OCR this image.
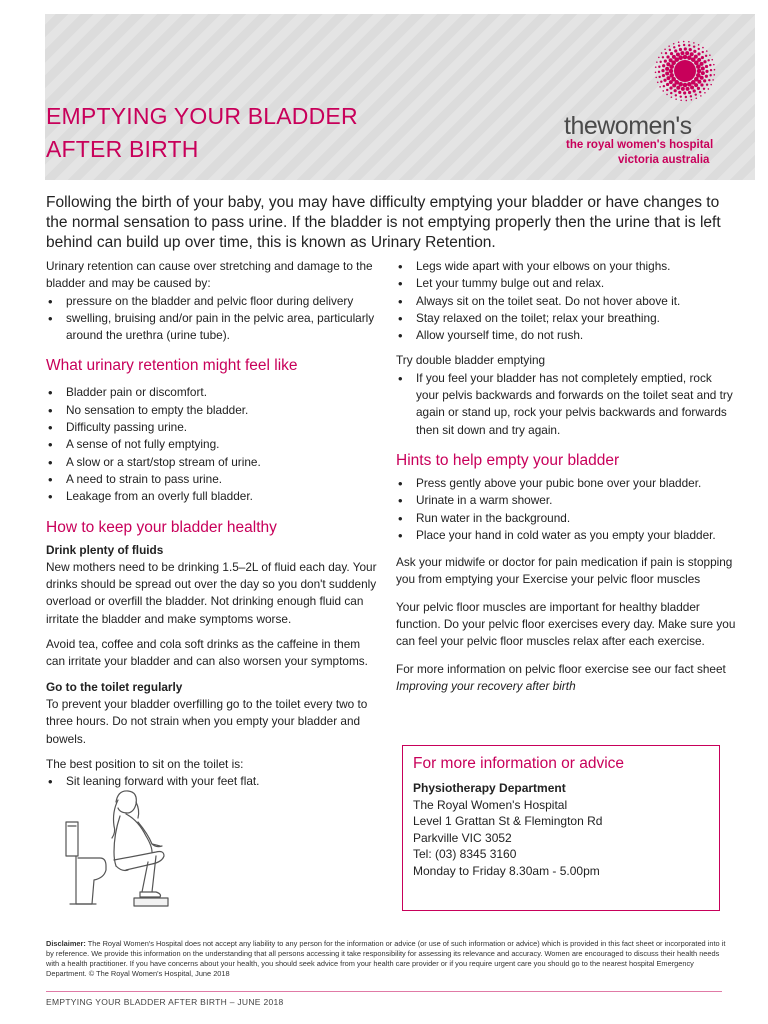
EMPTYING YOUR BLADDER
AFTER BIRTH
thewomen's
the royal women's hospital
victoria australia

Following the birth of your baby, you may have difficulty emptying your bladder or have changes to the normal sensation to pass urine. If the bladder is not emptying properly then the urine that is left behind can build up over time, this is known as Urinary Retention.

Urinary retention can cause over stretching and damage to the bladder and may be caused by:

• pressure on the bladder and pelvic floor during delivery
• swelling, bruising and/or pain in the pelvic area, particularly around the urethra (urine tube).
What urinary retention might feel like
• Bladder pain or discomfort.
• No sensation to empty the bladder.
• Difficulty passing urine.
• A sense of not fully emptying.
• A slow or a start/stop stream of urine.
• A need to strain to pass urine.
• Leakage from an overly full bladder.
How to keep your bladder healthy
Drink plenty of fluids

New mothers need to be drinking 1.5–2L of fluid each day. Your drinks should be spread out over the day so you don't suddenly overload or overfill the bladder. Not drinking enough fluid can irritate the bladder and make symptoms worse.

Avoid tea, coffee and cola soft drinks as the caffeine in them can irritate your bladder and can also worsen your symptoms.

Go to the toilet regularly

To prevent your bladder overfilling go to the toilet every two to three hours. Do not strain when you empty your bladder and bowels.

The best position to sit on the toilet is:

• Sit leaning forward with your feet flat.
• Legs wide apart with your elbows on your thighs.
• Let your tummy bulge out and relax.
• Always sit on the toilet seat. Do not hover above it.
• Stay relaxed on the toilet; relax your breathing.
• Allow yourself time, do not rush.

Try double bladder emptying

• If you feel your bladder has not completely emptied, rock your pelvis backwards and forwards on the toilet seat and try again or stand up, rock your pelvis backwards and forwards then sit down and try again.
Hints to help empty your bladder
• Press gently above your pubic bone over your bladder.
• Urinate in a warm shower.
• Run water in the background.
• Place your hand in cold water as you empty your bladder.

Ask your midwife or doctor for pain medication if pain is stopping you from emptying your Exercise your pelvic floor muscles

Your pelvic floor muscles are important for healthy bladder function. Do your pelvic floor exercises every day. Make sure you can feel your pelvic floor muscles relax after each exercise.

For more information on pelvic floor exercise see our fact sheet Improving your recovery after birth

For more information or advice
Physiotherapy Department
The Royal Women's Hospital
Level 1 Grattan St & Flemington Rd
Parkville VIC 3052
Tel: (03) 8345 3160
Monday to Friday 8.30am - 5.00pm

Disclaimer: The Royal Women's Hospital does not accept any liability to any person for the information or advice (or use of such information or advice) which is provided in this fact sheet or incorporated into it by reference. We provide this information on the understanding that all persons accessing it take responsibility for assessing its relevance and accuracy. Women are encouraged to discuss their health needs with a health practitioner. If you have concerns about your health, you should seek advice from your health care provider or if you require urgent care you should go to the nearest hospital Emergency Department. © The Royal Women's Hospital, June 2018

EMPTYING YOUR BLADDER AFTER BIRTH – JUNE 2018
